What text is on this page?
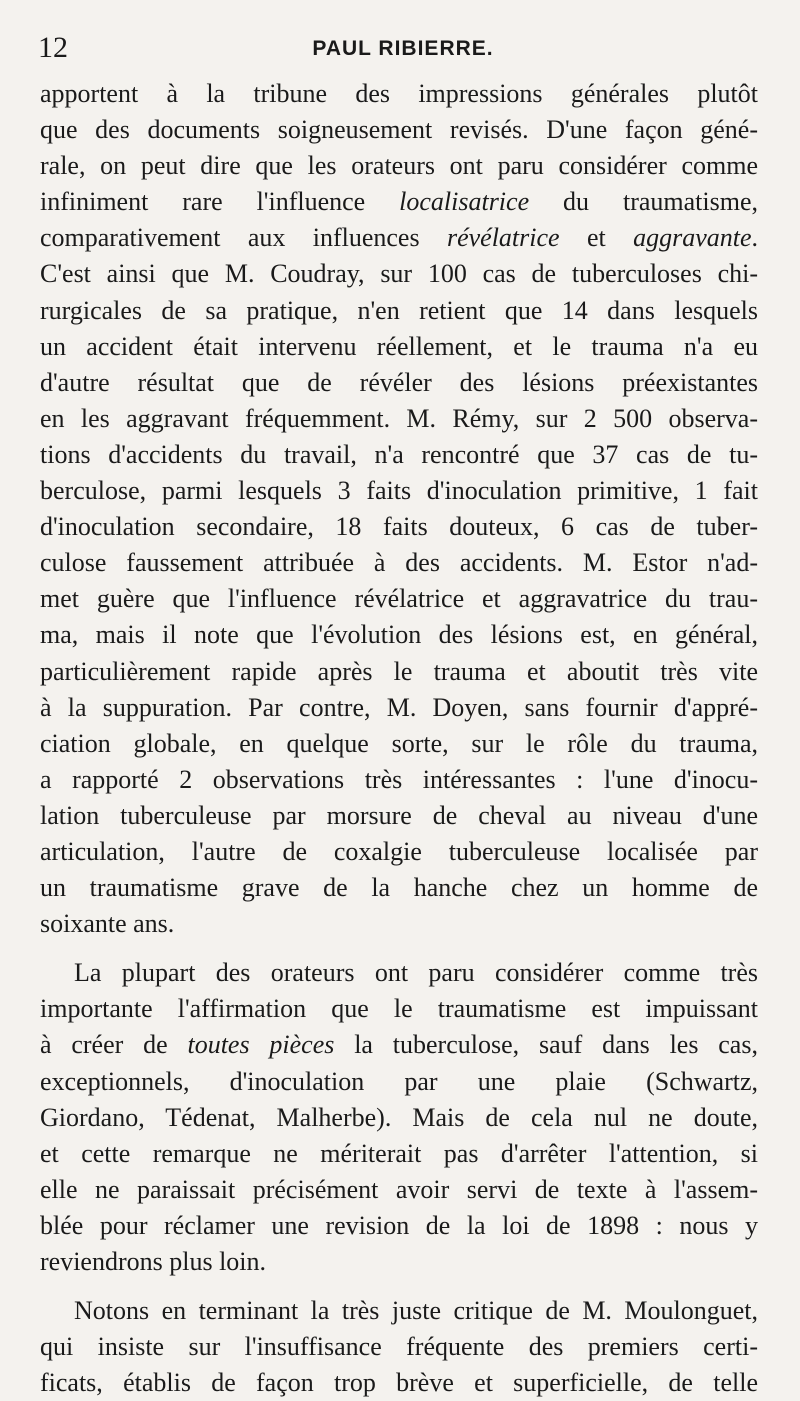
12	PAUL RIBIERRE.
apportent à la tribune des impressions générales plutôt
que des documents soigneusement revisés. D'une façon géné-
rale, on peut dire que les orateurs ont paru considérer comme
infiniment rare l'influence localisatrice du traumatisme,
comparativement aux influences révélatrice et aggravante.
C'est ainsi que M. Coudray, sur 100 cas de tuberculoses chi-
rurgicales de sa pratique, n'en retient que 14 dans lesquels
un accident était intervenu réellement, et le trauma n'a eu
d'autre résultat que de révéler des lésions préexistantes
en les aggravant fréquemment. M. Rémy, sur 2 500 observa-
tions d'accidents du travail, n'a rencontré que 37 cas de tu-
berculose, parmi lesquels 3 faits d'inoculation primitive, 1 fait
d'inoculation secondaire, 18 faits douteux, 6 cas de tuber-
culose faussement attribuée à des accidents. M. Estor n'ad-
met guère que l'influence révélatrice et aggravatrice du trau-
ma, mais il note que l'évolution des lésions est, en général,
particulièrement rapide après le trauma et aboutit très vite
à la suppuration. Par contre, M. Doyen, sans fournir d'appré-
ciation globale, en quelque sorte, sur le rôle du trauma,
a rapporté 2 observations très intéressantes : l'une d'inocu-
lation tuberculeuse par morsure de cheval au niveau d'une
articulation, l'autre de coxalgie tuberculeuse localisée par
un traumatisme grave de la hanche chez un homme de
soixante ans.
La plupart des orateurs ont paru considérer comme très
importante l'affirmation que le traumatisme est impuissant
à créer de toutes pièces la tuberculose, sauf dans les cas,
exceptionnels, d'inoculation par une plaie (Schwartz,
Giordano, Tédenat, Malherbe). Mais de cela nul ne doute,
et cette remarque ne mériterait pas d'arrêter l'attention, si
elle ne paraissait précisément avoir servi de texte à l'assem-
blée pour réclamer une revision de la loi de 1898 : nous y
reviendrons plus loin.
Notons en terminant la très juste critique de M. Moulonguet,
qui insiste sur l'insuffisance fréquente des premiers certi-
ficats, établis de façon trop brève et superficielle, de telle
